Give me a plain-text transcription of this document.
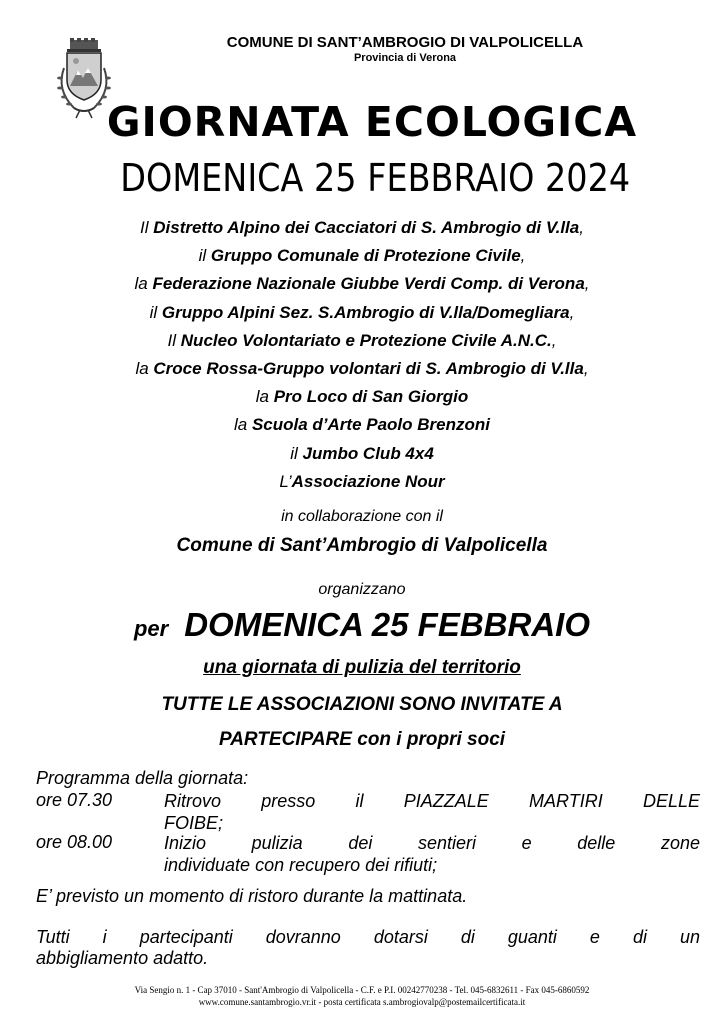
COMUNE DI SANT’AMBROGIO DI VALPOLICELLA
Provincia di Verona
GIORNATA ECOLOGICA
DOMENICA 25 FEBBRAIO 2024
Il Distretto Alpino dei Cacciatori di S. Ambrogio di V.lla,
il Gruppo Comunale di Protezione Civile,
la Federazione Nazionale Giubbe Verdi Comp. di Verona,
il Gruppo Alpini Sez. S.Ambrogio di V.lla/Domegliara,
Il Nucleo Volontariato e Protezione Civile A.N.C.,
la Croce Rossa-Gruppo volontari di S. Ambrogio di V.lla,
la Pro Loco di San Giorgio
la Scuola d’Arte Paolo Brenzoni
il Jumbo Club 4x4
L’Associazione Nour
in collaborazione con il
Comune di Sant’Ambrogio di Valpolicella
organizzano
per DOMENICA 25 FEBBRAIO
una giornata di pulizia del territorio
TUTTE LE ASSOCIAZIONI SONO INVITATE A
PARTECIPARE con i propri soci
Programma della giornata:
ore 07.30	Ritrovo presso il PIAZZALE MARTIRI DELLE
FOIBE;
ore 08.00	Inizio pulizia dei sentieri e delle zone
individuate con recupero dei rifiuti;
E’ previsto un momento di ristoro durante la mattinata.
Tutti i partecipanti dovranno dotarsi di guanti e di un
abbigliamento adatto.
Via Sengio n. 1 - Cap 37010 - Sant'Ambrogio di Valpolicella - C.F. e P.I. 00242770238 - Tel. 045-6832611 - Fax 045-6860592
www.comune.santambrogio.vr.it - posta certificata s.ambrogiovalp@postemailcertificata.it
